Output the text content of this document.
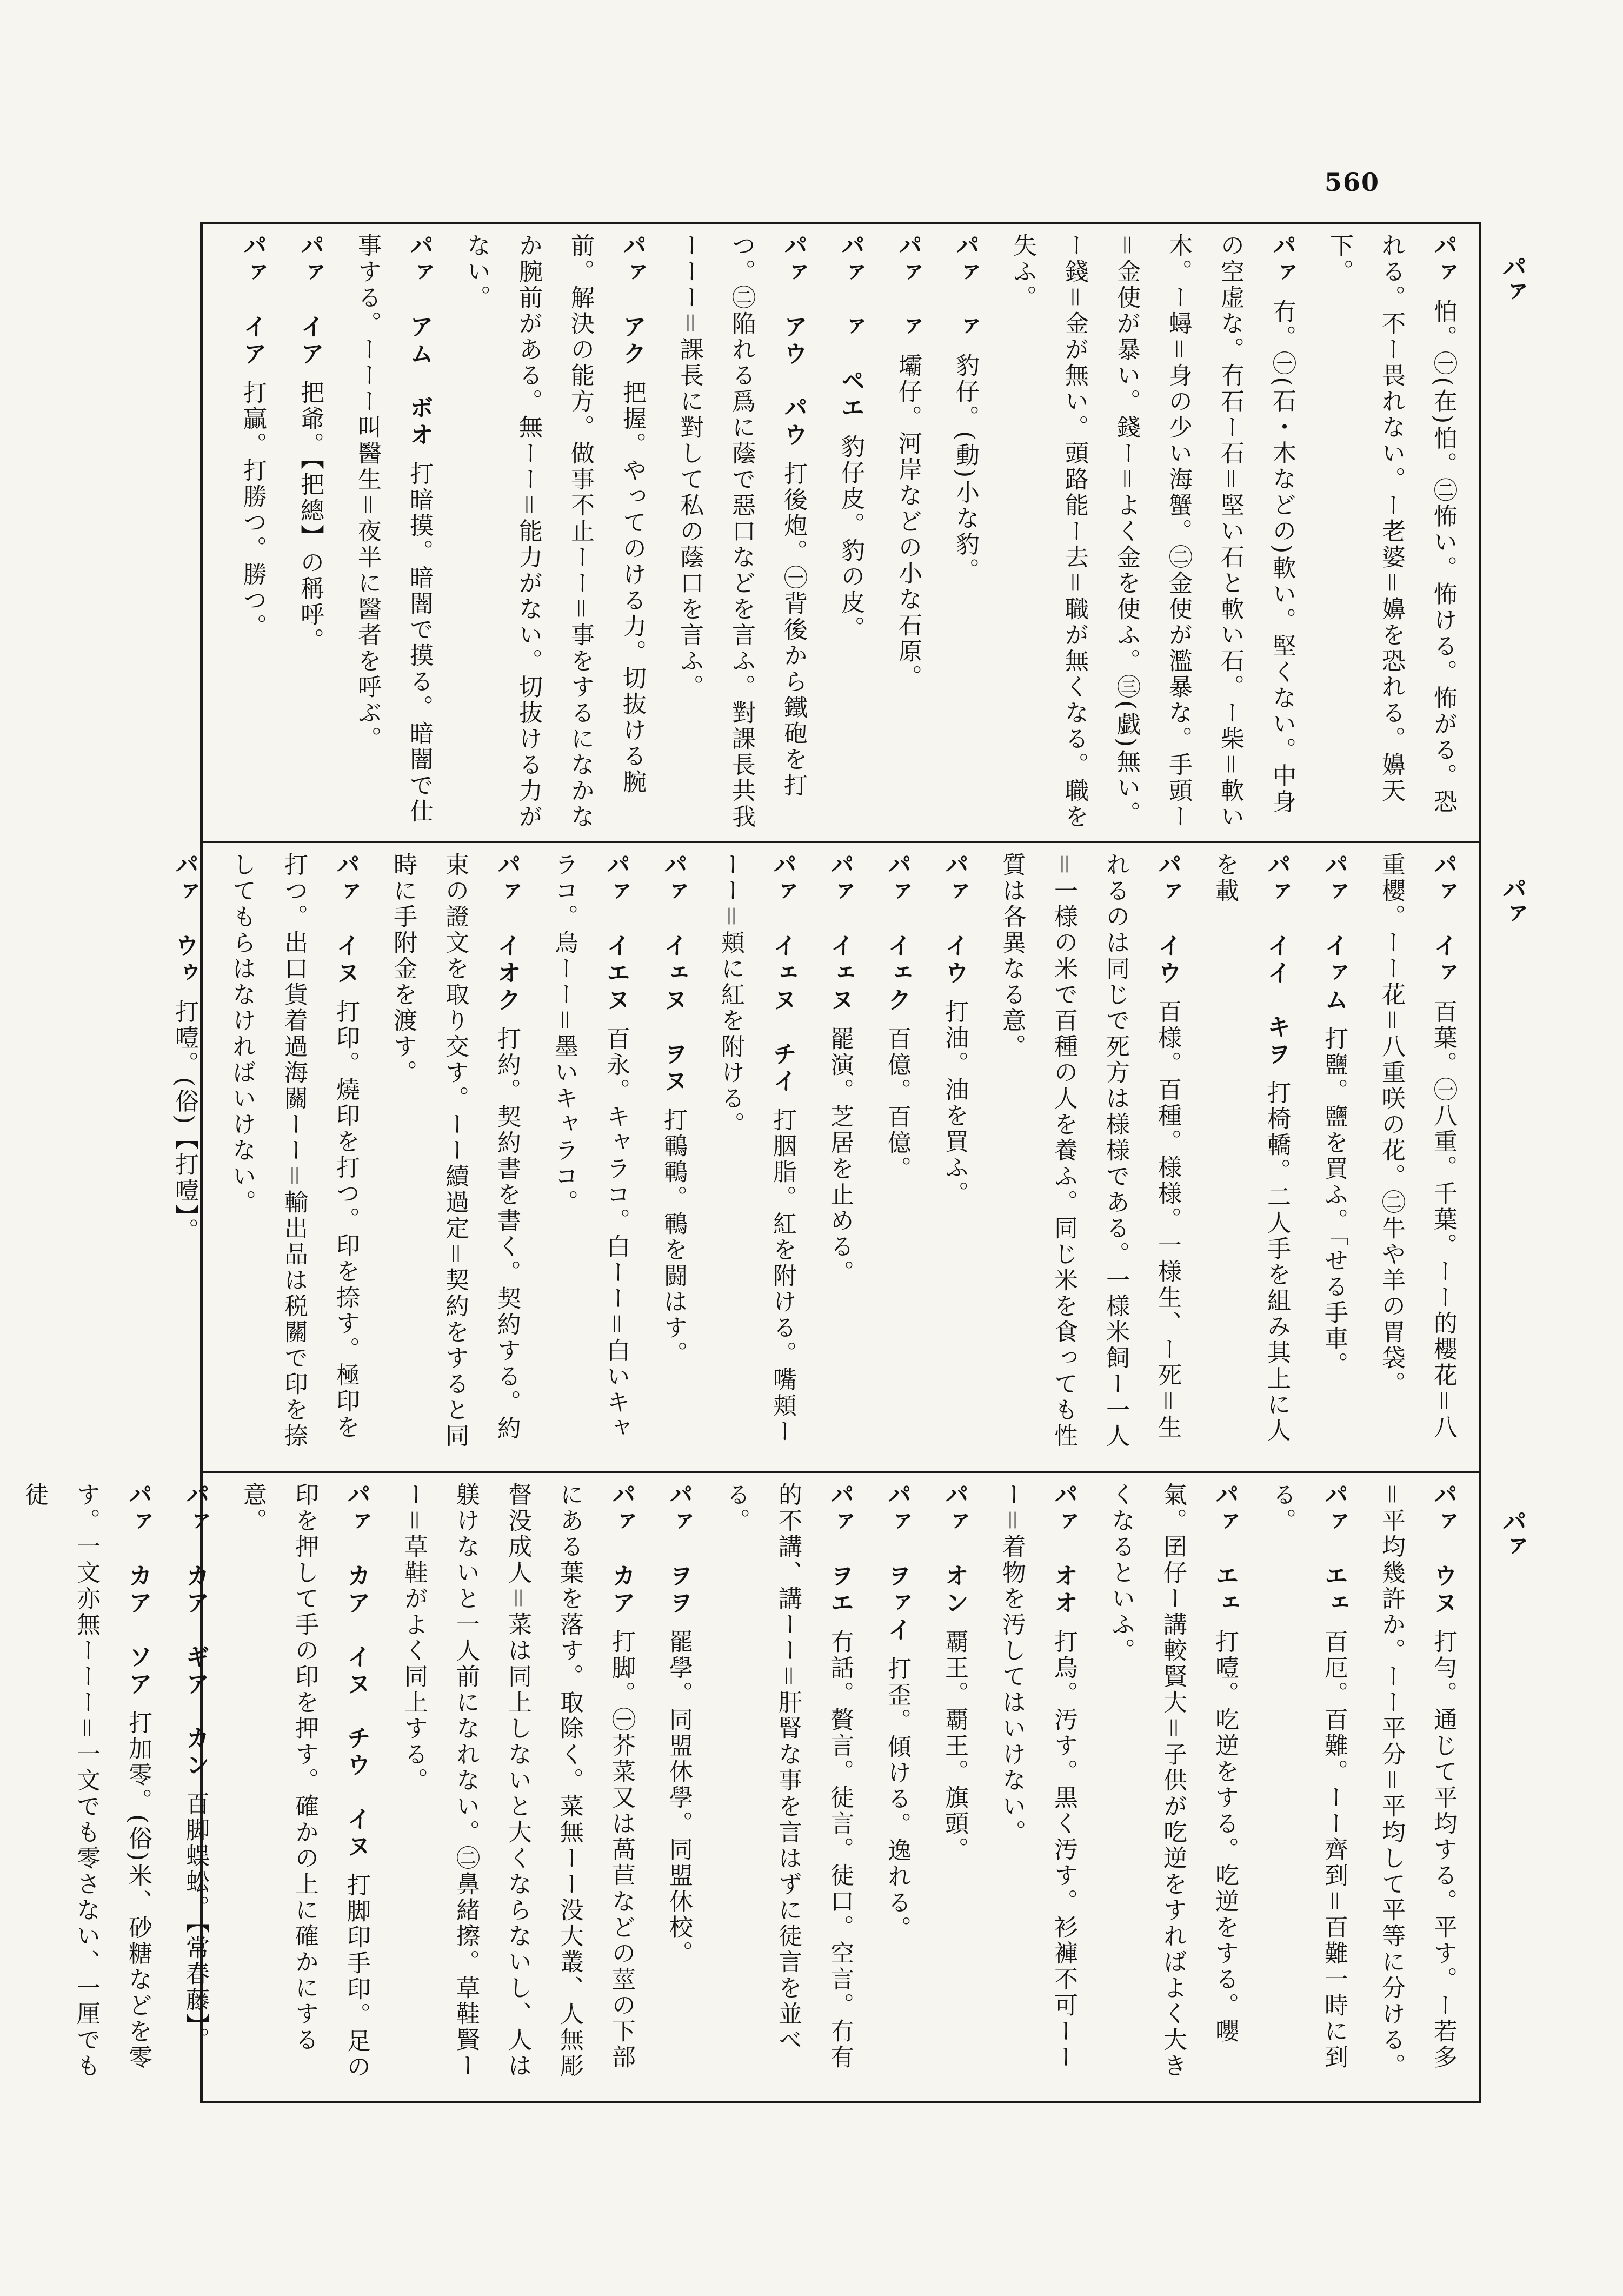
560
パァ
パァ
パァ
パァ怕。㊀(在)怕。㊁怖い。怖ける。怖がる。恐れる。不ー畏れない。ー老婆＝嬶を恐れる。嬶天下。
パァ冇。㊀(石・木などの)軟い。堅くない。中身の空虚な。冇石ー石＝堅い石と軟い石。ー柴＝軟い木。ー蟳＝身の少い海蟹。㊁金使が濫暴な。手頭ー＝金使が暴い。錢ー＝よく金を使ふ。㊂(戯)無い。ー錢＝金が無い。頭路能ー去＝職が無くなる。職を失ふ。
パァ　ァ豹仔。(動)小な豹。
パァ　ァ壩仔。河岸などの小な石原。
パァ　ァ　ペエ豹仔皮。豹の皮。
パァ　アウ　パウ打後炮。㊀背後から鐵砲を打つ。㊁陥れる爲に蔭で惡口などを言ふ。對課長共我ーーー＝課長に對して私の蔭口を言ふ。
パァ　アク把握。やってのける力。切抜ける腕前。解決の能方。做事不止ーー＝事をするになかなか腕前がある。無ーー＝能力がない。切抜ける力がない。
パァ　アム　ボオ打暗摸。暗闇で摸る。暗闇で仕事する。ーーー叫醫生＝夜半に醫者を呼ぶ。
パァ　イア把爺。【把總】の稱呼。
パァ　イア打贏。打勝つ。勝つ。
パァ　イァ百葉。㊀八重。千葉。ーー的櫻花＝八重櫻。ーー花＝八重咲の花。㊁牛や羊の胃袋。
パァ　イァム打鹽。鹽を買ふ。「せる手車。
パァ　イイ　キヲ打椅轎。二人手を組み其上に人を載
パァ　イウ百様。百種。様様。一様生、ー死＝生れるのは同じで死方は様様である。一様米飼ー一人＝一様の米で百種の人を養ふ。同じ米を食っても性質は各異なる意。
パァ　イウ打油。油を買ふ。
パァ　イェク百億。百億。
パァ　イェヌ罷演。芝居を止める。
パァ　イェヌ　チイ打胭脂。紅を附ける。嘴頬ーーー＝頬に紅を附ける。
パァ　イェヌ　ヲヌ打鶤鶤。鶤を闘はす。
パァ　イエヌ百永。キャラコ。白ーー＝白いキャラコ。烏ーー＝墨いキャラコ。
パァ　イオク打約。契約書を書く。契約する。約束の證文を取り交す。ーー續過定＝契約をすると同時に手附金を渡す。
パァ　イヌ打印。燒印を打つ。印を捺す。極印を打つ。出口貨着過海關ーー＝輸出品は税關で印を捺してもらはなければいけない。
パァ　ウゥ打噎。(俗)【打噎】。
パァ　ウヌ打勻。通じて平均する。平す。ー若多＝平均幾許か。ーー平分＝平均して平等に分ける。
パァ　エェ百厄。百難。ーー齊到＝百難一時に到る。
パァ　エェ打噎。吃逆をする。吃逆をする。嚶氣。囝仔ー講較賢大＝子供が吃逆をすればよく大きくなるといふ。
パァ　オオ打烏。汚す。黒く汚す。衫褲不可ーーー＝着物を汚してはいけない。
パァ　オン覇王。覇王。旗頭。
パァ　ヲァイ打歪。傾ける。逸れる。
パァ　ヲエ冇話。贅言。徒言。徒口。空言。冇有的不講、講ーー＝肝腎な事を言はずに徒言を並べる。
パァ　ヲヲ罷學。同盟休學。同盟休校。
パァ　カア打脚。㊀芥菜又は萵苣などの莖の下部にある葉を落す。取除く。菜無ーー没大叢、人無彫督没成人＝菜は同上しないと大くならないし、人は躾けないと一人前になれない。㊁鼻緒擦。草鞋賢ーー＝草鞋がよく同上する。
パァ　カア　イヌ　チウ　イヌ打脚印手印。足の印を押して手の印を押す。確かの上に確かにする意。
パァ　カア　ギア　カン百脚蜈蚣。【常春藤】。
パァ　カア　ソア打加零。(俗)米、砂糖などを零す。一文亦無ーーー＝一文でも零さない、一厘でも徒
